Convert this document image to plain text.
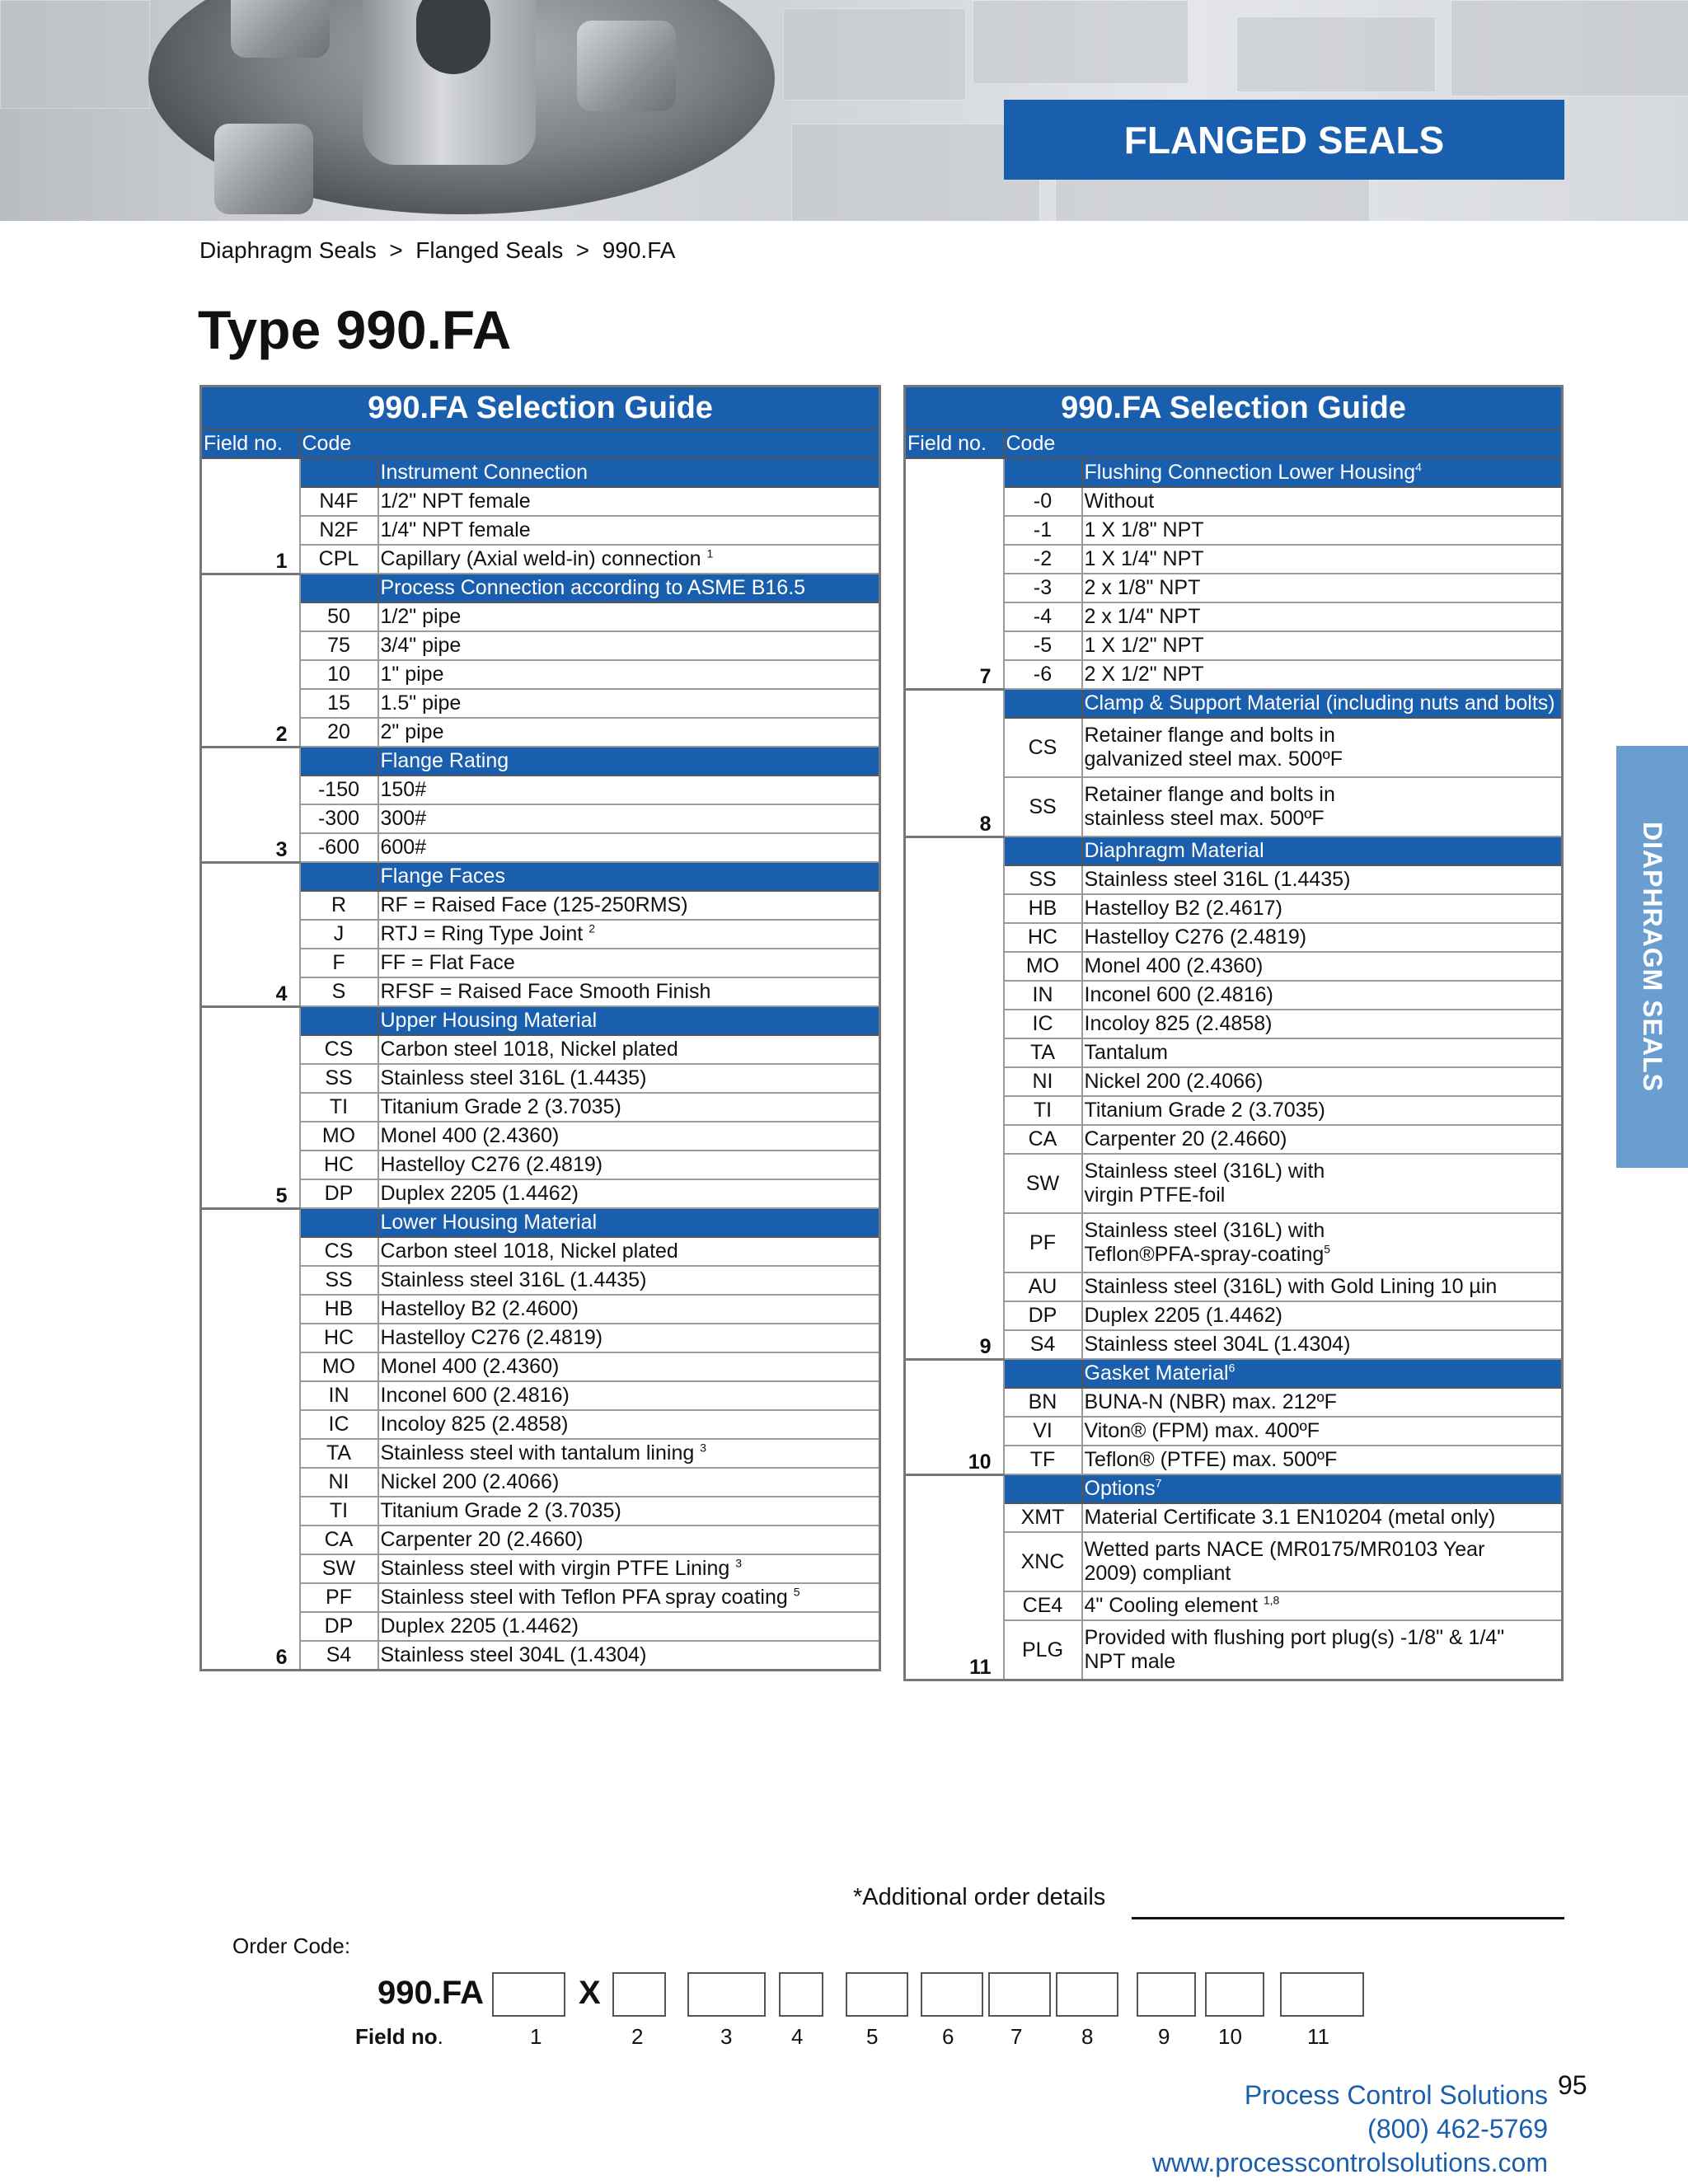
FLANGED SEALS
Diaphragm Seals  >  Flanged Seals  >  990.FA
Type 990.FA
990.FA Selection Guide		
Field no.	Code	
1		Instrument Connection
	N4F	1/2" NPT female
	N2F	1/4" NPT female
	CPL	Capillary (Axial weld-in) connection $^1$
2		Process Connection according to ASME B16.5
	50	1/2" pipe
	75	3/4" pipe
	10	1" pipe
	15	1.5" pipe
	20	2" pipe
3		Flange Rating
	-150	150#
	-300	300#
	-600	600#
4		Flange Faces
	R	RF = Raised Face (125-250RMS)
	J	RTJ = Ring Type Joint $^2$
	F	FF = Flat Face
	S	RFSF = Raised Face Smooth Finish
5		Upper Housing Material
	CS	Carbon steel 1018, Nickel plated
	SS	Stainless steel 316L (1.4435)
	TI	Titanium Grade 2 (3.7035)
	MO	Monel 400 (2.4360)
	HC	Hastelloy C276 (2.4819)
	DP	Duplex 2205 (1.4462)
6		Lower Housing Material
	CS	Carbon steel 1018, Nickel plated
	SS	Stainless steel 316L (1.4435)
	HB	Hastelloy B2 (2.4600)
	HC	Hastelloy C276 (2.4819)
	MO	Monel 400 (2.4360)
	IN	Inconel 600 (2.4816)
	IC	Incoloy 825 (2.4858)
	TA	Stainless steel with tantalum lining $^3$
	NI	Nickel 200 (2.4066)
	TI	Titanium Grade 2 (3.7035)
	CA	Carpenter 20 (2.4660)
	SW	Stainless steel with virgin PTFE Lining $^3$
	PF	Stainless steel with Teflon PFA spray coating $^5$
	DP	Duplex 2205 (1.4462)
	S4	Stainless steel 304L (1.4304)
990.FA Selection Guide		
Field no.	Code	
7		Flushing Connection Lower Housing$^4$
	-0	Without
	-1	1 X 1/8" NPT
	-2	1 X 1/4" NPT
	-3	2 x 1/8" NPT
	-4	2 x 1/4" NPT
	-5	1 X 1/2" NPT
	-6	2 X 1/2" NPT
8		Clamp & Support Material (including nuts and bolts)
	CS	Retainer flange and bolts in
galvanized steel max. 500ºF
	SS	Retainer flange and bolts in
stainless steel max. 500ºF
9		Diaphragm Material
	SS	Stainless steel 316L (1.4435)
	HB	Hastelloy B2 (2.4617)
	HC	Hastelloy C276 (2.4819)
	MO	Monel 400 (2.4360)
	IN	Inconel 600 (2.4816)
	IC	Incoloy 825 (2.4858)
	TA	Tantalum
	NI	Nickel 200 (2.4066)
	TI	Titanium Grade 2 (3.7035)
	CA	Carpenter 20 (2.4660)
	SW	Stainless steel (316L) with
virgin PTFE-foil
	PF	Stainless steel (316L) with
Teflon®PFA-spray-coating$^5$
	AU	Stainless steel (316L) with Gold Lining 10 µin
	DP	Duplex 2205 (1.4462)
	S4	Stainless steel 304L (1.4304)
10		Gasket Material$^6$
	BN	BUNA-N (NBR) max. 212ºF
	VI	Viton® (FPM) max. 400ºF
	TF	Teflon® (PTFE) max. 500ºF
11		Options$^7$
	XMT	Material Certificate 3.1 EN10204 (metal only)
	XNC	Wetted parts NACE (MR0175/MR0103 Year
2009) compliant
	CE4	4" Cooling element $^{1,8}$
	PLG	Provided with flushing port plug(s) -1/8" & 1/4"
NPT male
DIAPHRAGM SEALS
*Additional order details
Order Code:
990.FA	X
Field no.	1	2	3	4	5	6	7	8	9 10	11
Process Control Solutions
(800) 462-5769
www.processcontrolsolutions.com
95
